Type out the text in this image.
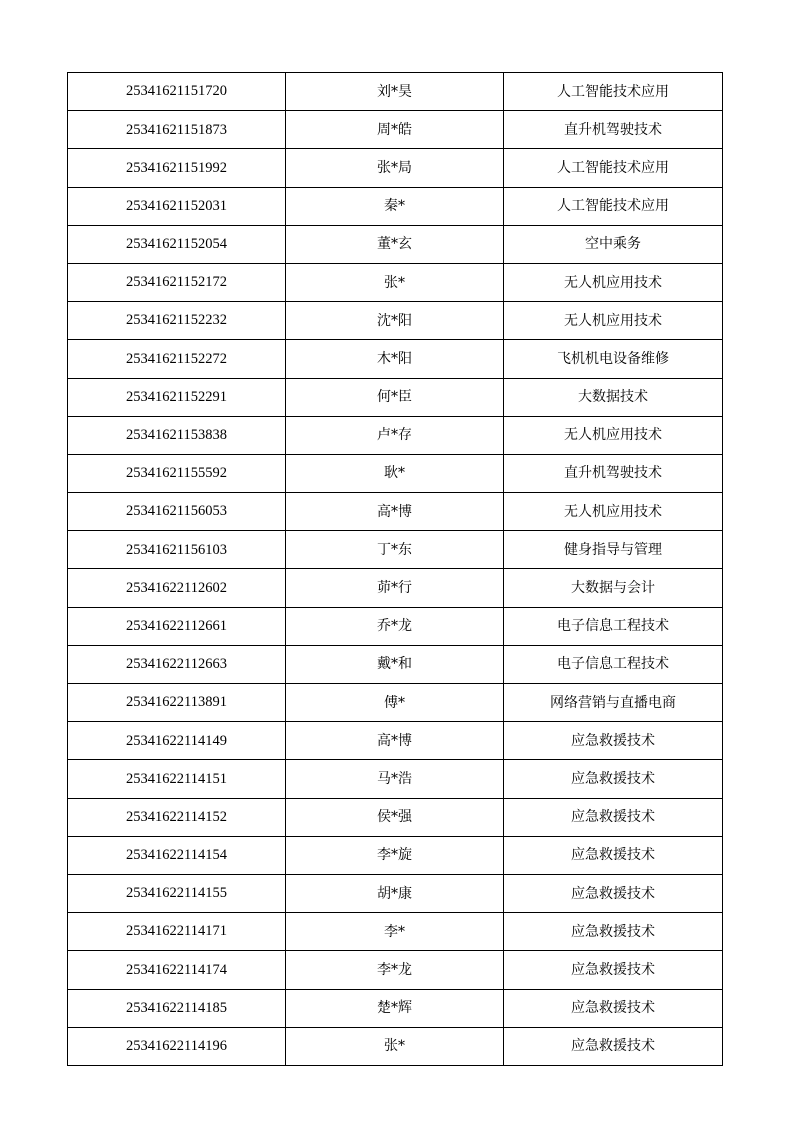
25341621151720	刘*昊	人工智能技术应用
25341621151873	周*皓	直升机驾驶技术
25341621151992	张*局	人工智能技术应用
25341621152031	秦*	人工智能技术应用
25341621152054	董*玄	空中乘务
25341621152172	张*	无人机应用技术
25341621152232	沈*阳	无人机应用技术
25341621152272	木*阳	飞机机电设备维修
25341621152291	何*臣	大数据技术
25341621153838	卢*存	无人机应用技术
25341621155592	耿*	直升机驾驶技术
25341621156053	高*博	无人机应用技术
25341621156103	丁*东	健身指导与管理
25341622112602	茆*行	大数据与会计
25341622112661	乔*龙	电子信息工程技术
25341622112663	戴*和	电子信息工程技术
25341622113891	傅*	网络营销与直播电商
25341622114149	高*博	应急救援技术
25341622114151	马*浩	应急救援技术
25341622114152	侯*强	应急救援技术
25341622114154	李*旋	应急救援技术
25341622114155	胡*康	应急救援技术
25341622114171	李*	应急救援技术
25341622114174	李*龙	应急救援技术
25341622114185	楚*辉	应急救援技术
25341622114196	张*	应急救援技术
